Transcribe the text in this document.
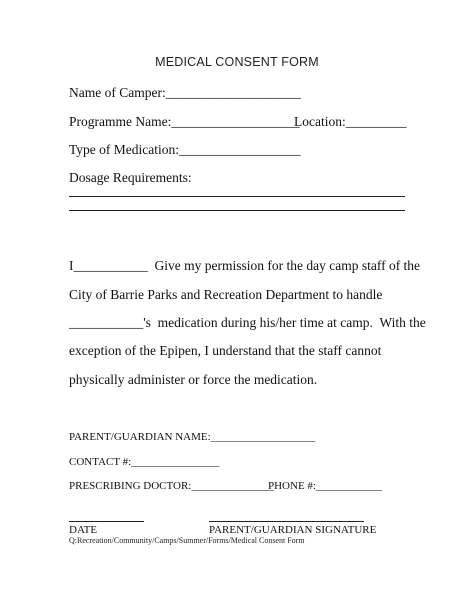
MEDICAL CONSENT FORM
Name of Camper:____________________
Programme Name:___________________
Location:_________
Type of Medication:__________________
Dosage Requirements:
I___________  Give my permission for the day camp staff of the
City of Barrie Parks and Recreation Department to handle
___________'s  medication during his/her time at camp.  With the
exception of the Epipen, I understand that the staff cannot
physically administer or force the medication.
PARENT/GUARDIAN NAME:___________________
CONTACT #:________________
PRESCRIBING DOCTOR:_______________
PHONE #:____________
DATE	PARENT/GUARDIAN SIGNATURE
Q:Recreation/Community/Camps/Summer/Forms/Medical Consent Form
